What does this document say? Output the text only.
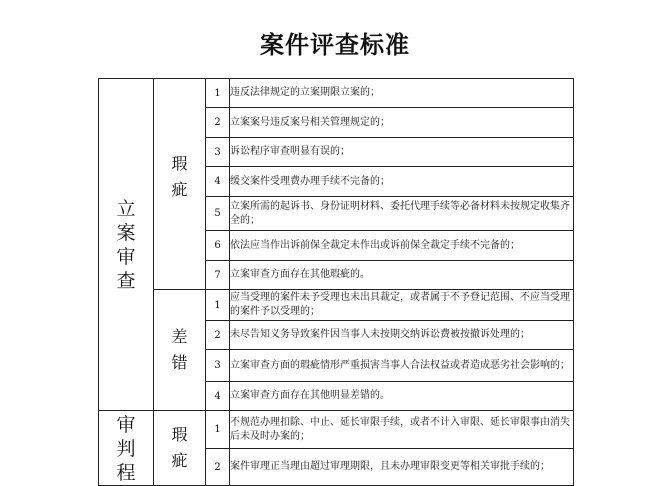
案件评查标准
立案审查	瑕疵	1	违反法律规定的立案期限立案的；
		2	立案案号违反案号相关管理规定的；
		3	诉讼程序审查明显有误的；
		4	缓交案件受理费办理手续不完备的；
		5	立案所需的起诉书、身份证明材料、委托代理手续等必备材料未按规定收集齐全的；
		6	依法应当作出诉前保全裁定未作出或诉前保全裁定手续不完备的；
		7	立案审查方面存在其他瑕疵的。
	差错	1	应当受理的案件未予受理也未出具裁定，或者属于不予登记范围、不应当受理的案件予以受理的；
		2	未尽告知义务导致案件因当事人未按期交纳诉讼费被按撤诉处理的；
		3	立案审查方面的瑕疵情形严重损害当事人合法权益或者造成恶劣社会影响的；
		4	立案审查方面存在其他明显差错的。
审判程	瑕疵	1	不规范办理扣除、中止、延长审限手续，或者不计入审限、延长审限事由消失后未及时办案的；
		2	案件审理正当理由超过审理期限，且未办理审限变更等相关审批手续的；
